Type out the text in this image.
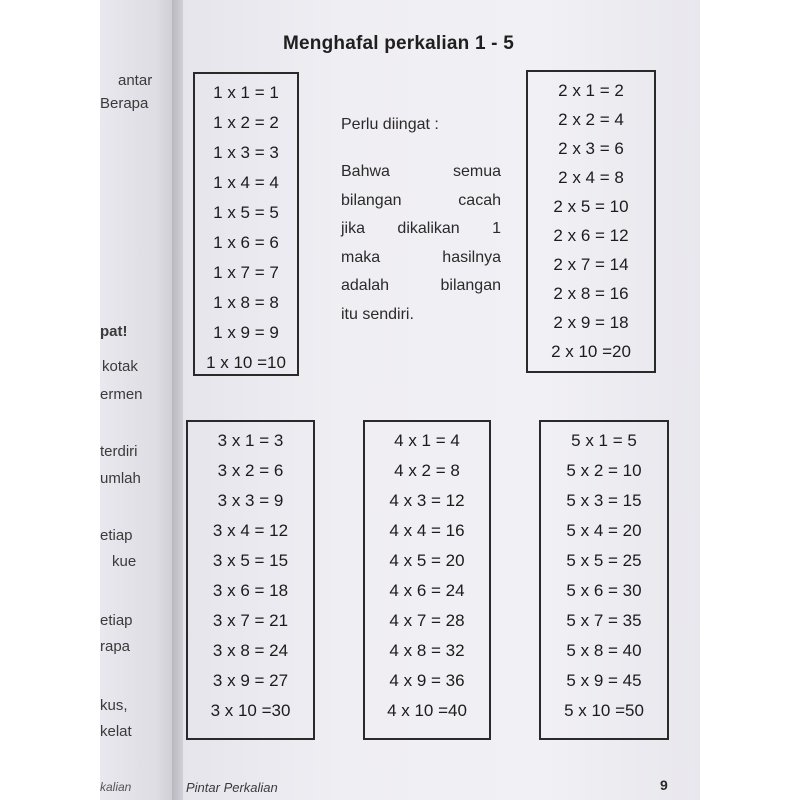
antar
Berapa
pat!
kotak
ermen
terdiri
umlah
etiap
kue
etiap
rapa
kus,
kelat
kalian
Menghafal perkalian 1 - 5
1 x 1 = 1
1 x 2 = 2
1 x 3 = 3
1 x 4 = 4
1 x 5 = 5
1 x 6 = 6
1 x 7 = 7
1 x 8 = 8
1 x 9 = 9
1 x 10 =10
Perlu diingat :
Bahwa semua
bilangan cacah
jika dikalikan 1
maka hasilnya
adalah bilangan
itu sendiri.
2 x 1 = 2
2 x 2 = 4
2 x 3 = 6
2 x 4 = 8
2 x 5 = 10
2 x 6 = 12
2 x 7 = 14
2 x 8 = 16
2 x 9 = 18
2 x 10 =20
3 x 1 = 3
3 x 2 = 6
3 x 3 = 9
3 x 4 = 12
3 x 5 = 15
3 x 6 = 18
3 x 7 = 21
3 x 8 = 24
3 x 9 = 27
3 x 10 =30
4 x 1 = 4
4 x 2 = 8
4 x 3 = 12
4 x 4 = 16
4 x 5 = 20
4 x 6 = 24
4 x 7 = 28
4 x 8 = 32
4 x 9 = 36
4 x 10 =40
5 x 1 = 5
5 x 2 = 10
5 x 3 = 15
5 x 4 = 20
5 x 5 = 25
5 x 6 = 30
5 x 7 = 35
5 x 8 = 40
5 x 9 = 45
5 x 10 =50
Pintar Perkalian	9
